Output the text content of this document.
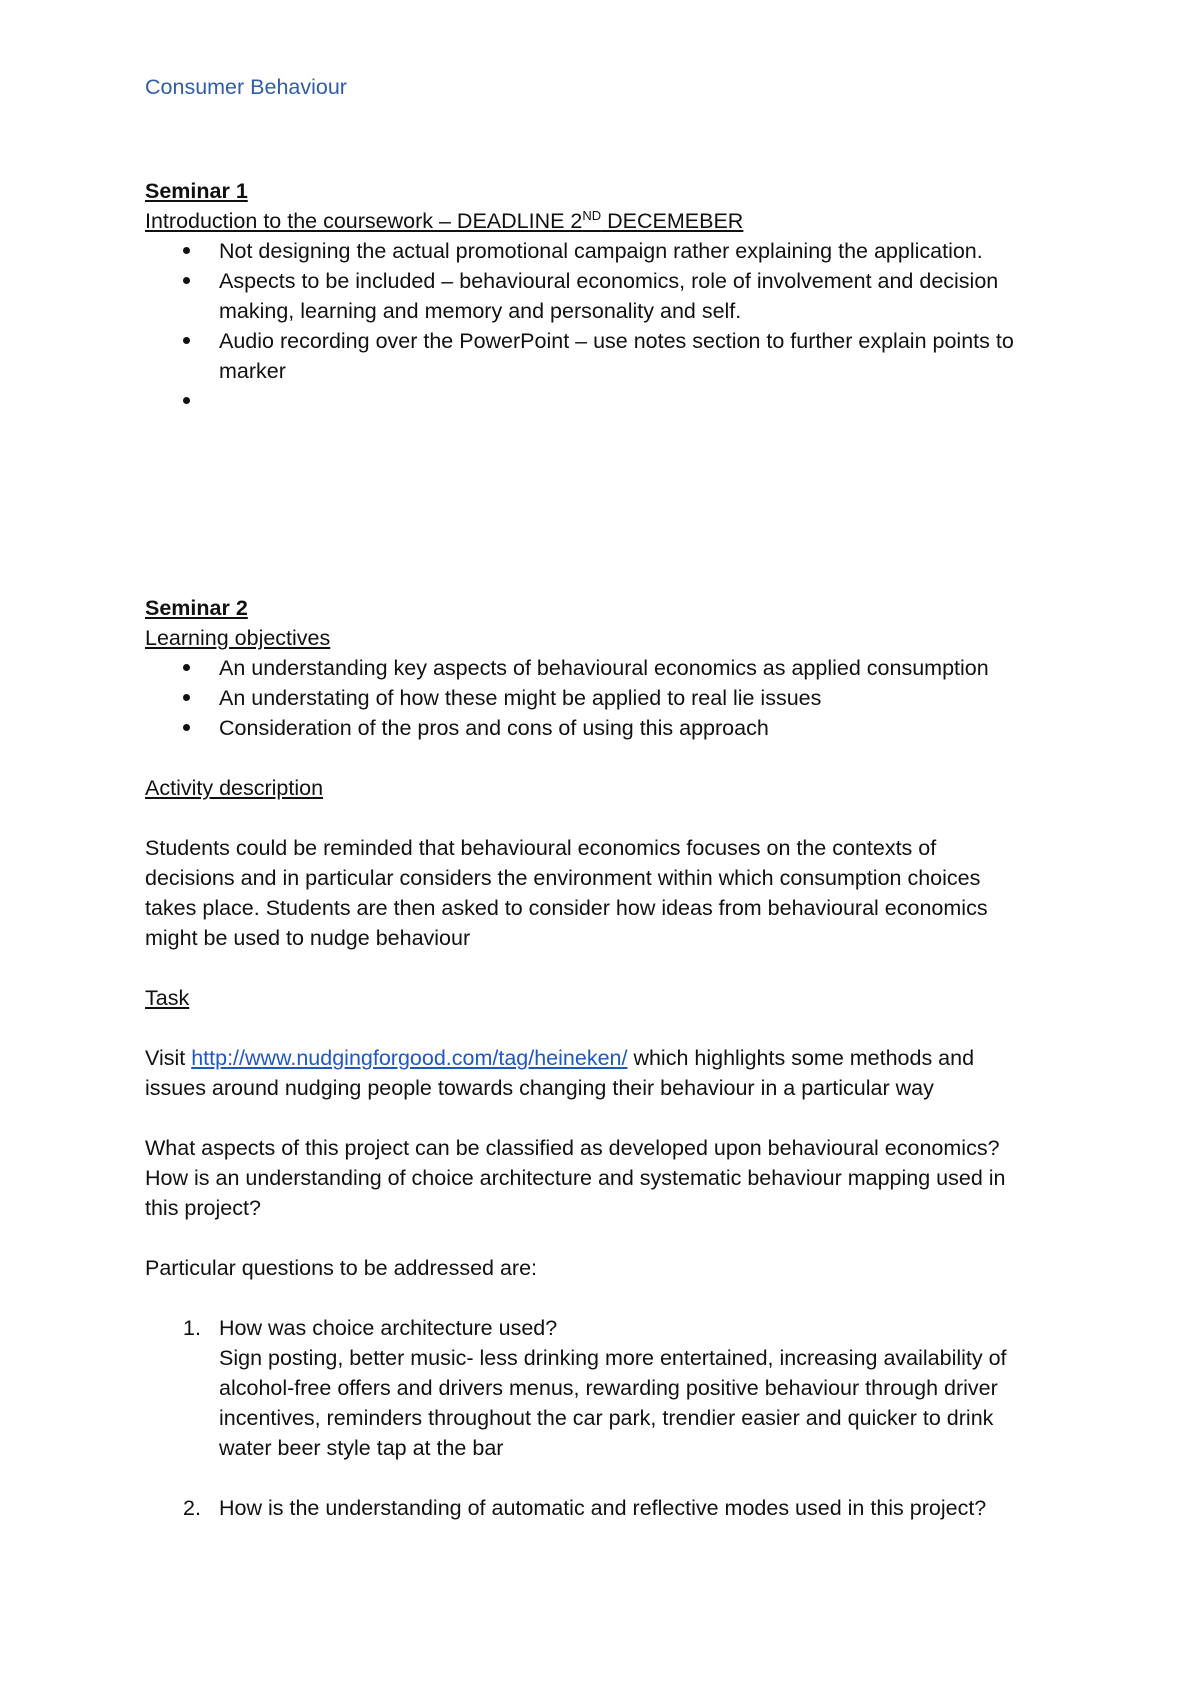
Consumer Behaviour
Seminar 1
Introduction to the coursework – DEADLINE 2ND DECEMEBER
Not designing the actual promotional campaign rather explaining the application.
Aspects to be included – behavioural economics, role of involvement and decision
making, learning and memory and personality and self.
Audio recording over the PowerPoint – use notes section to further explain points to
marker
Seminar 2
Learning objectives
An understanding key aspects of behavioural economics as applied consumption
An understating of how these might be applied to real lie issues
Consideration of the pros and cons of using this approach
Activity description
Students could be reminded that behavioural economics focuses on the contexts of
decisions and in particular considers the environment within which consumption choices
takes place. Students are then asked to consider how ideas from behavioural economics
might be used to nudge behaviour
Task
Visit http://www.nudgingforgood.com/tag/heineken/ which highlights some methods and
issues around nudging people towards changing their behaviour in a particular way
What aspects of this project can be classified as developed upon behavioural economics?
How is an understanding of choice architecture and systematic behaviour mapping used in
this project?
Particular questions to be addressed are:
1. How was choice architecture used?
Sign posting, better music- less drinking more entertained, increasing availability of
alcohol-free offers and drivers menus, rewarding positive behaviour through driver
incentives, reminders throughout the car park, trendier easier and quicker to drink
water beer style tap at the bar
2. How is the understanding of automatic and reflective modes used in this project?
